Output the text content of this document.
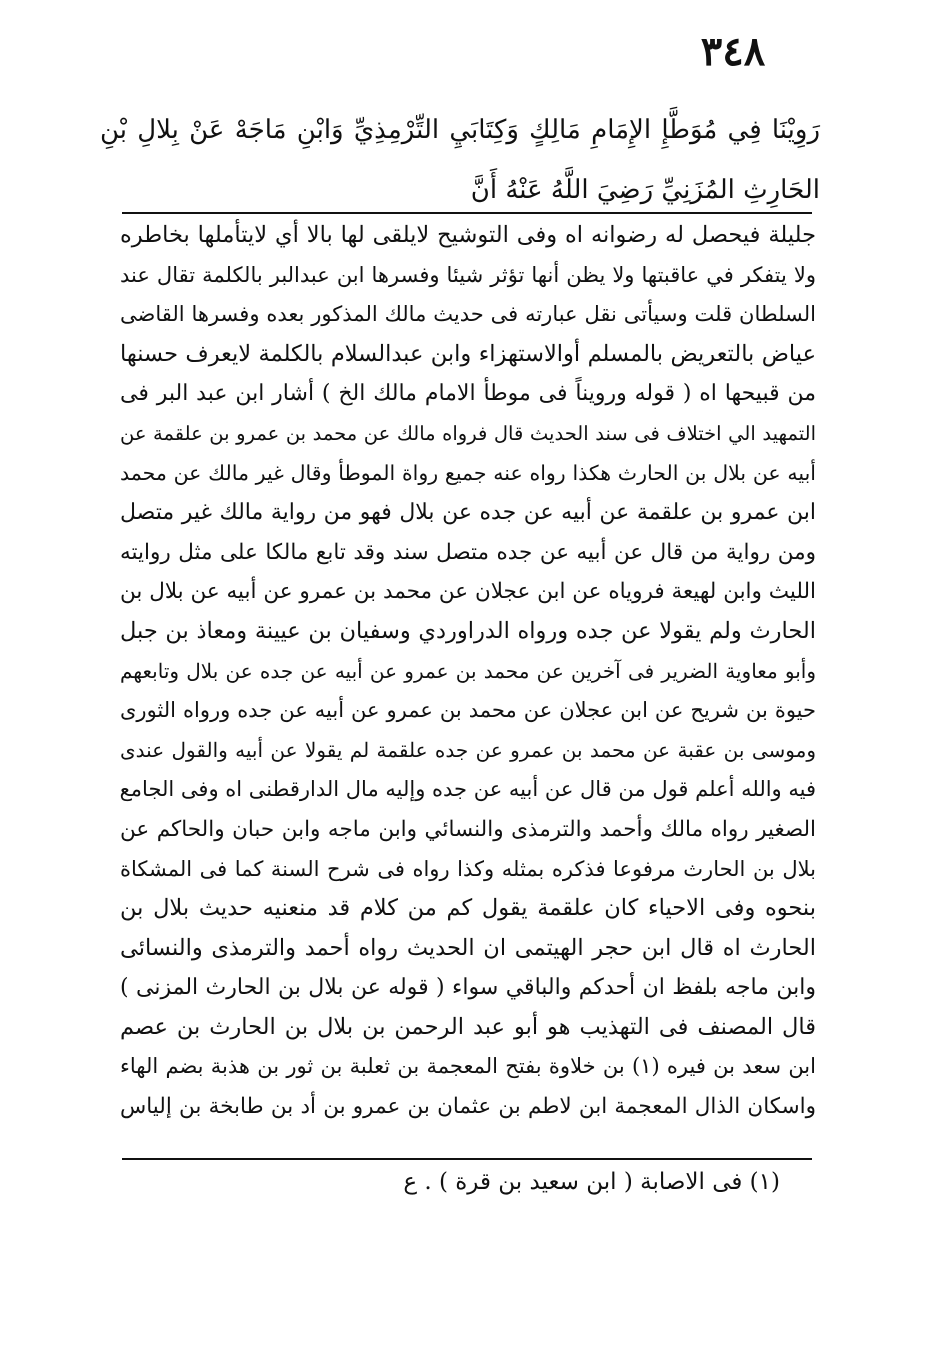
٣٤٨
رَوِيْنَا فِي مُوَطَّإِ الإِمَامِ مَالِكٍ وَكِتَابَيِ التِّرْمِذِيِّ وَابْنِ مَاجَهْ عَنْ بِلالِ بْنِ الحَارِثِ المُزَنِيِّ رَضِيَ اللَّهُ عَنْهُ أَنَّ
جليلة فيحصل له رضوانه اه وفى التوشيح لايلقى لها بالا أي لايتأملها بخاطره
ولا يتفكر في عاقبتها ولا يظن أنها تؤثر شيئا وفسرها ابن عبدالبر بالكلمة تقال عند
السلطان قلت وسيأتى نقل عبارته فى حديث مالك المذكور بعده وفسرها القاضى
عياض بالتعريض بالمسلم أوالاستهزاء وابن عبدالسلام بالكلمة لايعرف حسنها
من قبيحها اه ( قوله ورويناً فى موطأ الامام مالك الخ ) أشار ابن عبد البر فى
التمهيد الي اختلاف فى سند الحديث قال فرواه مالك عن محمد بن عمرو بن علقمة عن
أبيه عن بلال بن الحارث هكذا رواه عنه جميع رواة الموطأ وقال غير مالك عن محمد
ابن عمرو بن علقمة عن أبيه عن جده عن بلال فهو من رواية مالك غير متصل
ومن رواية من قال عن أبيه عن جده متصل سند وقد تابع مالكا على مثل روايته
الليث وابن لهيعة فروياه عن ابن عجلان عن محمد بن عمرو عن أبيه عن بلال بن
الحارث ولم يقولا عن جده ورواه الدراوردي وسفيان بن عيينة ومعاذ بن جبل
وأبو معاوية الضرير فى آخرين عن محمد بن عمرو عن أبيه عن جده عن بلال وتابعهم
حيوة بن شريح عن ابن عجلان عن محمد بن عمرو عن أبيه عن جده ورواه الثورى
وموسى بن عقبة عن محمد بن عمرو عن جده علقمة لم يقولا عن أبيه والقول عندى
فيه والله أعلم قول من قال عن أبيه عن جده وإليه مال الدارقطنى اه وفى الجامع
الصغير رواه مالك وأحمد والترمذى والنسائي وابن ماجه وابن حبان والحاكم عن
بلال بن الحارث مرفوعا فذكره بمثله وكذا رواه فى شرح السنة كما فى المشكاة
بنحوه وفى الاحياء كان علقمة يقول كم من كلام قد منعنيه حديث بلال بن
الحارث اه قال ابن حجر الهيتمى ان الحديث رواه أحمد والترمذى والنسائى
وابن ماجه بلفظ ان أحدكم والباقي سواء ( قوله عن بلال بن الحارث المزنى )
قال المصنف فى التهذيب هو أبو عبد الرحمن بن بلال بن الحارث بن عصم
ابن سعد بن فيره (١) بن خلاوة بفتح المعجمة بن ثعلبة بن ثور بن هذبة بضم الهاء
واسكان الذال المعجمة ابن لاطم بن عثمان بن عمرو بن أد بن طابخة بن إلياس
(١) فى الاصابة ( ابن سعيد بن قرة ) . ع
